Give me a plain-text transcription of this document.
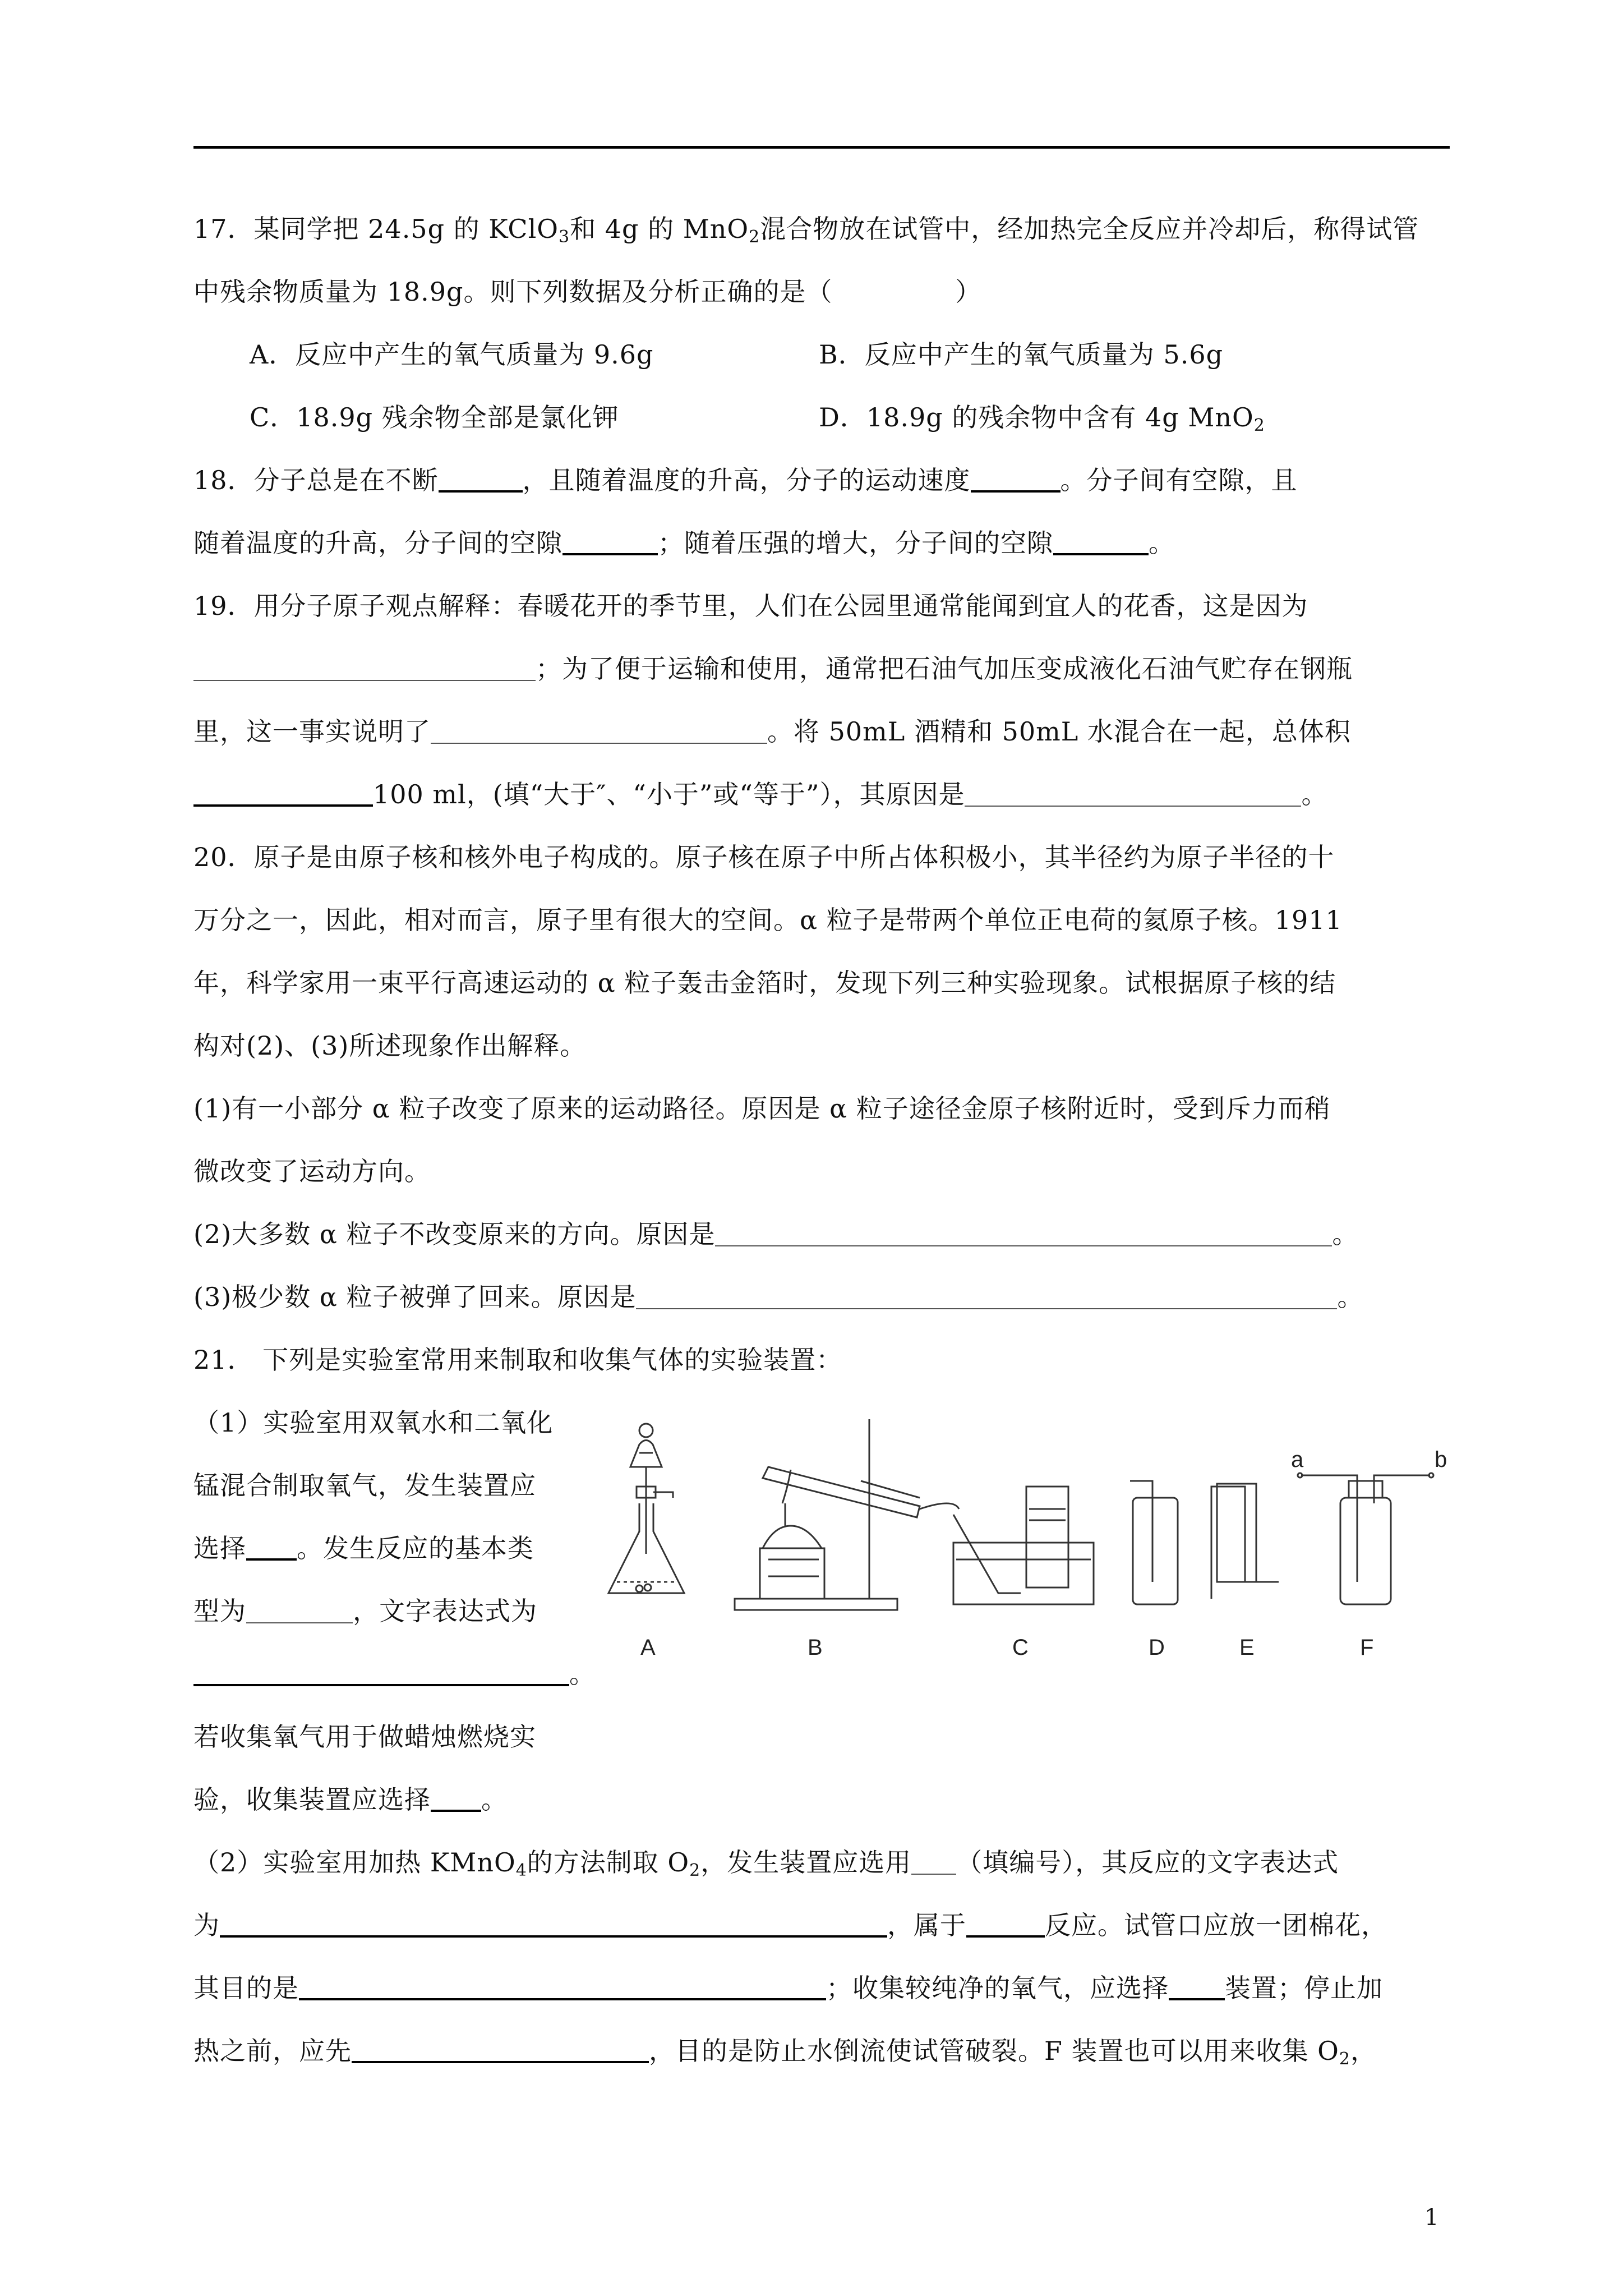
17．某同学把 24.5g 的 KClO$_3$和 4g 的 MnO$_2$混合物放在试管中，经加热完全反应并冷却后，称得试管
中残余物质量为 18.9g。则下列数据及分析正确的是（              ）
A．反应中产生的氧气质量为 9.6g	B．反应中产生的氧气质量为 5.6g
C．18.9g 残余物全部是氯化钾	D．18.9g 的残余物中含有 4g MnO$_2$
18．分子总是在不断	，且随着温度的升高，分子的运动速度	。分子间有空隙，且
随着温度的升高，分子间的空隙	；随着压强的增大，分子间的空隙	。
19．用分子原子观点解释：春暖花开的季节里，人们在公园里通常能闻到宜人的花香，这是因为
；为了便于运输和使用，通常把石油气加压变成液化石油气贮存在钢瓶
里，这一事实说明了	。将 50mL 酒精和 50mL 水混合在一起，总体积
100 ml，(填“大于″、“小于”或“等于”），其原因是	。
20．原子是由原子核和核外电子构成的。原子核在原子中所占体积极小，其半径约为原子半径的十
万分之一，因此，相对而言，原子里有很大的空间。α 粒子是带两个单位正电荷的氦原子核。1911
年，科学家用一束平行高速运动的 α 粒子轰击金箔时，发现下列三种实验现象。试根据原子核的结
构对(2)、(3)所述现象作出解释。
(1)有一小部分 α 粒子改变了原来的运动路径。原因是 α 粒子途径金原子核附近时，受到斥力而稍
微改变了运动方向。
(2)大多数 α 粒子不改变原来的方向。原因是	。
(3)极少数 α 粒子被弹了回来。原因是	。
21． 下列是实验室常用来制取和收集气体的实验装置：
（1）实验室用双氧水和二氧化
锰混合制取氧气，发生装置应
选择 。发生反应的基本类
型为	，文字表达式为
。
若收集氧气用于做蜡烛燃烧实
验，收集装置应选择 。
（2）实验室用加热 KMnO$_4$的方法制取 $O_2$，发生装置应选用 （填编号），其反应的文字表达式
为	，属于	反应。试管口应放一团棉花，
其目的是	；收集较纯净的氧气，应选择 装置；停止加
热之前，应先	，目的是防止水倒流使试管破裂。F 装置也可以用来收集 $O_2$，
a	b
A	B	C	D	E	F
1
